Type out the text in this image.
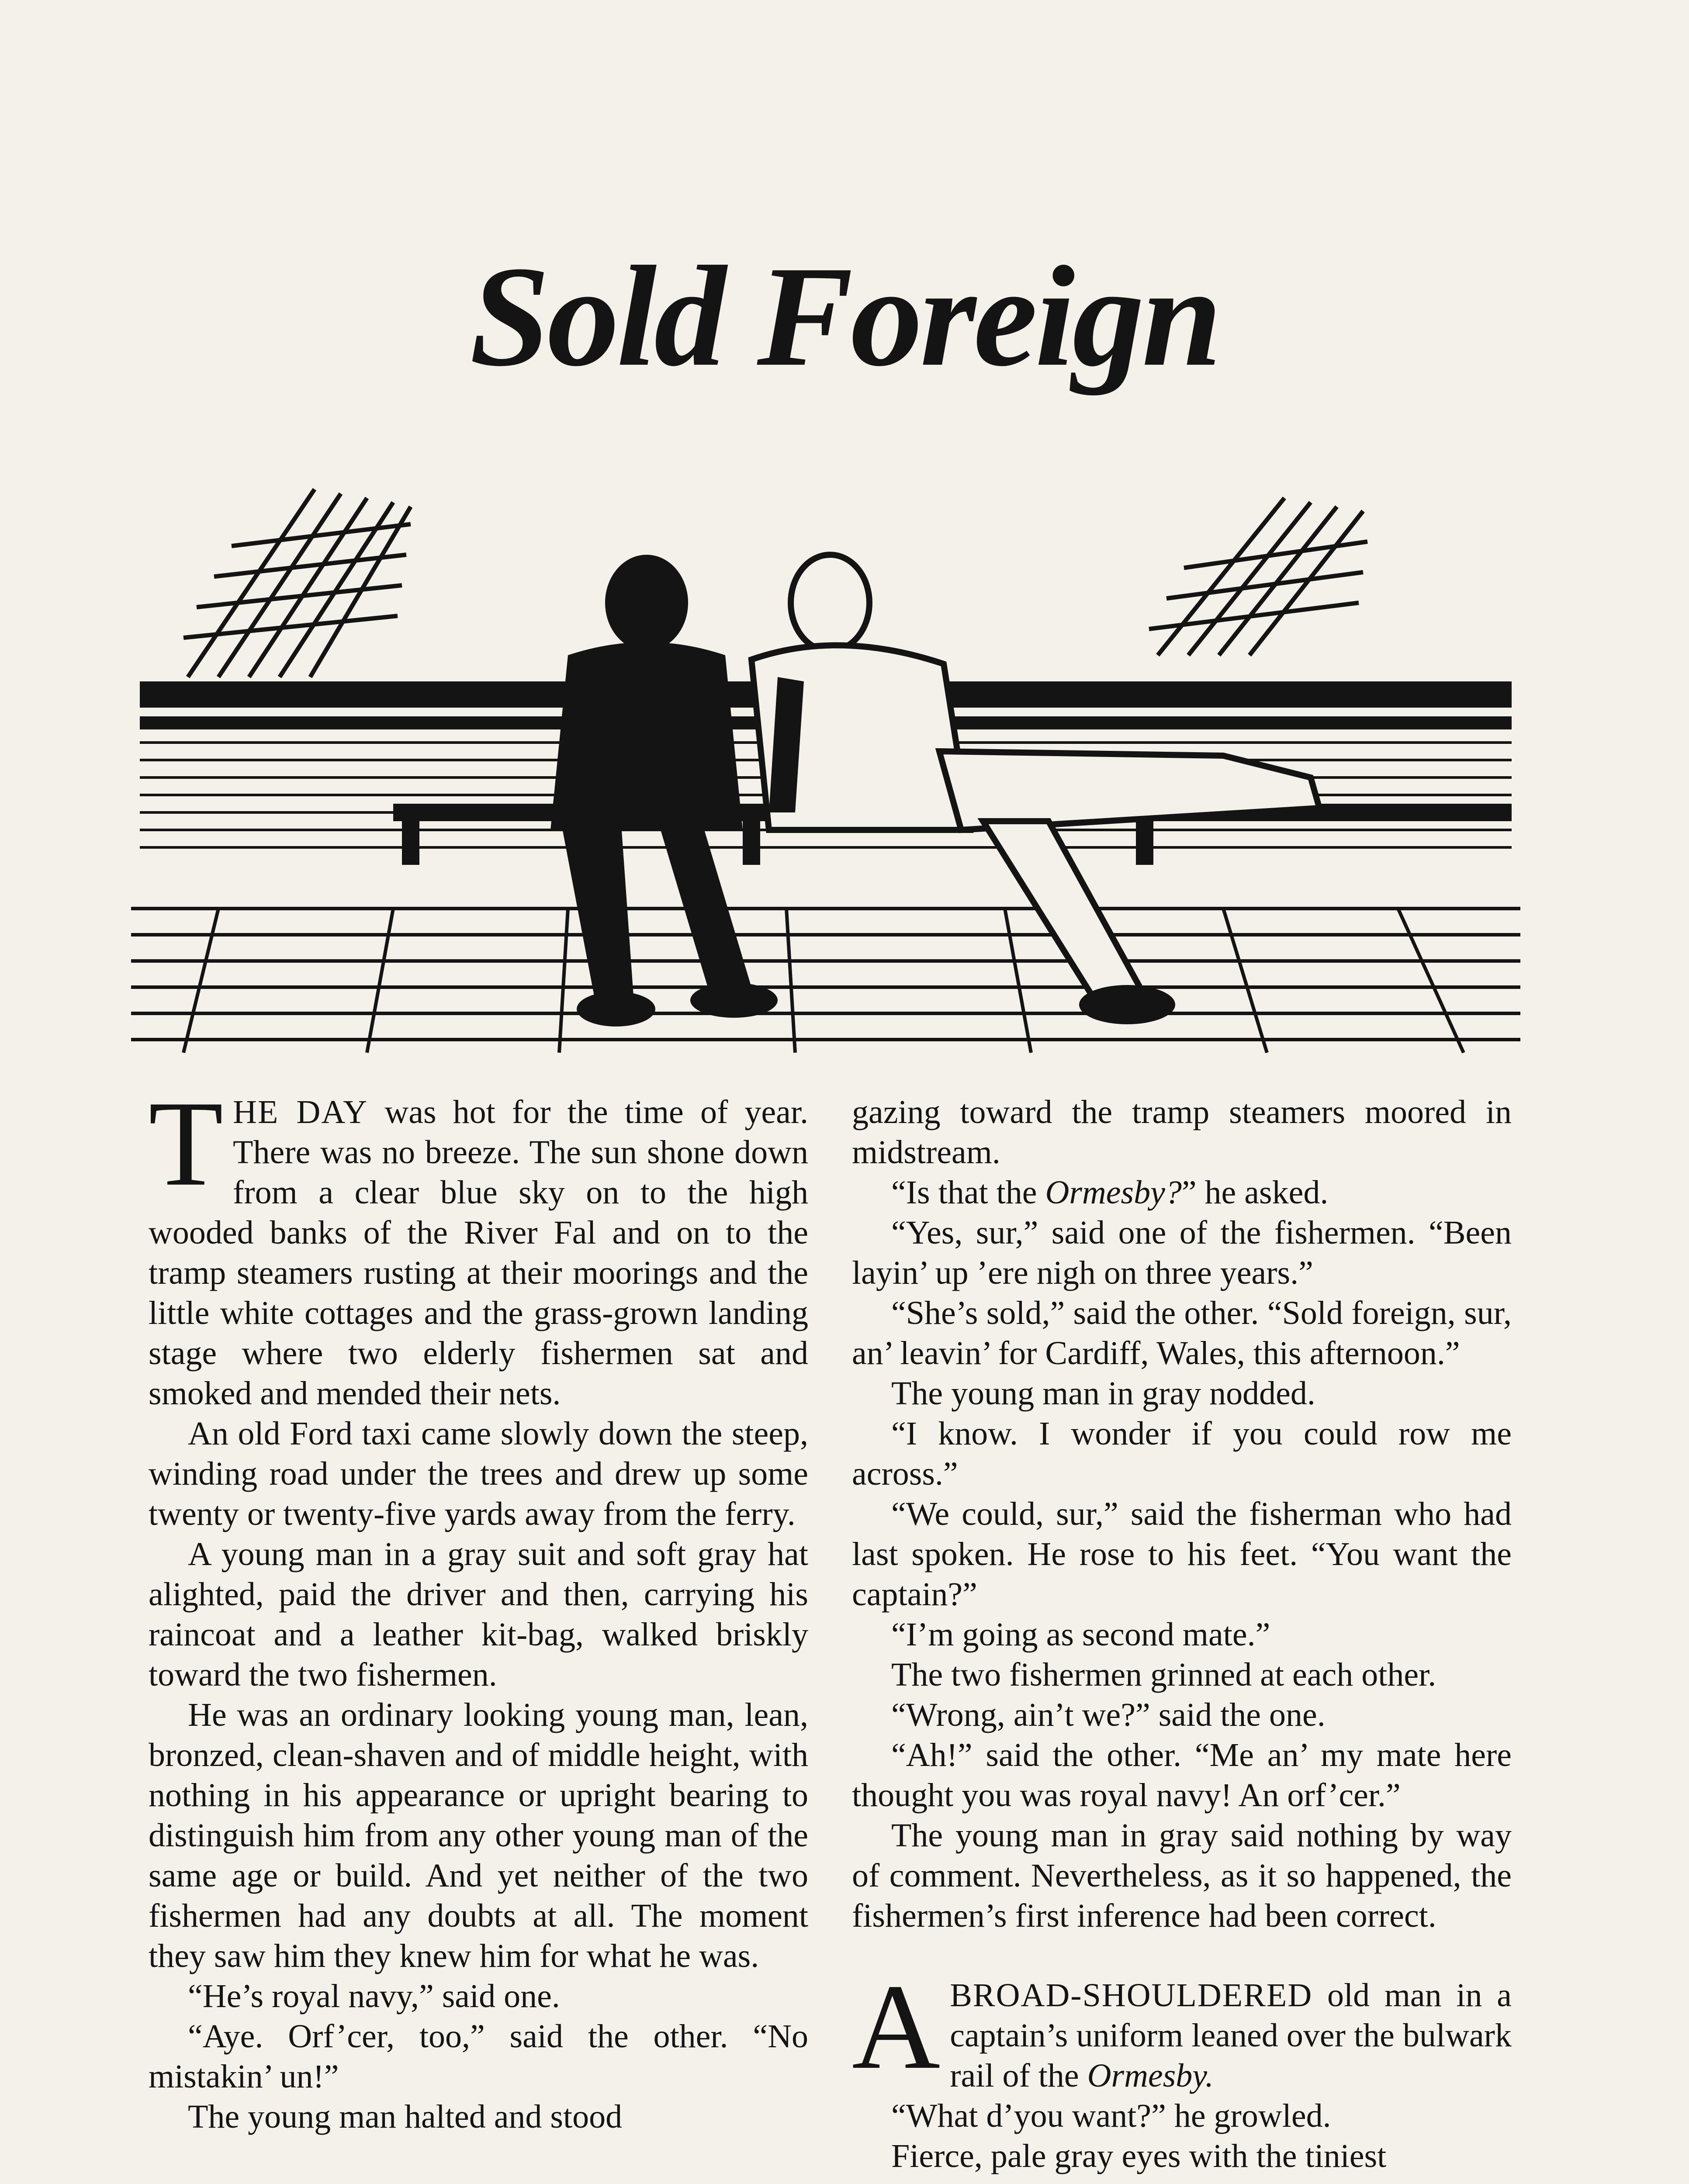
Sold Foreign

THE DAY was hot for the time of year. There was no breeze. The sun shone down from a clear blue sky on to the high wooded banks of the River Fal and on to the tramp steamers rusting at their moorings and the little white cottages and the grass-grown landing stage where two elderly fishermen sat and smoked and mended their nets.

An old Ford taxi came slowly down the steep, winding road under the trees and drew up some twenty or twenty-five yards away from the ferry.

A young man in a gray suit and soft gray hat alighted, paid the driver and then, carrying his raincoat and a leather kit-bag, walked briskly toward the two fishermen.

He was an ordinary looking young man, lean, bronzed, clean-shaven and of middle height, with nothing in his appearance or upright bearing to distinguish him from any other young man of the same age or build. And yet neither of the two fishermen had any doubts at all. The moment they saw him they knew him for what he was.

“He’s royal navy,” said one.

“Aye. Orf’cer, too,” said the other. “No mistakin’ un!”

The young man halted and stood

gazing toward the tramp steamers moored in midstream.

“Is that the Ormesby?” he asked.

“Yes, sur,” said one of the fishermen. “Been layin’ up ’ere nigh on three years.”

“She’s sold,” said the other. “Sold foreign, sur, an’ leavin’ for Cardiff, Wales, this afternoon.”

The young man in gray nodded.

“I know. I wonder if you could row me across.”

“We could, sur,” said the fisherman who had last spoken. He rose to his feet. “You want the captain?”

“I’m going as second mate.”

The two fishermen grinned at each other.

“Wrong, ain’t we?” said the one.

“Ah!” said the other. “Me an’ my mate here thought you was royal navy! An orf’cer.”

The young man in gray said nothing by way of comment. Nevertheless, as it so happened, the fishermen’s first inference had been correct.

ABROAD-SHOULDERED old man in a captain’s uniform leaned over the bulwark rail of the Ormesby.

“What d’you want?” he growled.

Fierce, pale gray eyes with the tiniest
